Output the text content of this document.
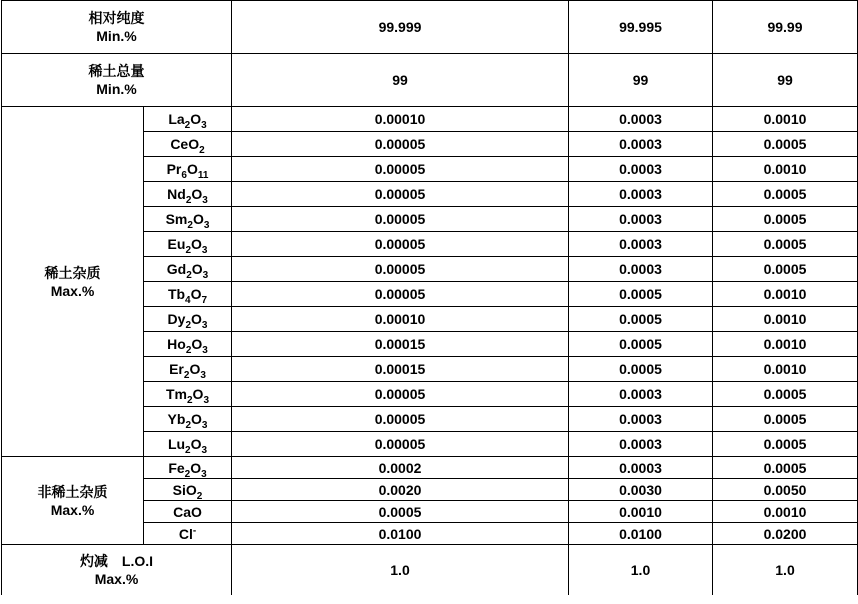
相对纯度
Min.%		99.999	99.995	99.99

稀土总量
Min.%		99	99	99

稀土杂质
Max.%	$La_2O_3$	0.00010	0.0003	0.0010
	CeO$_2$	0.00005	0.0003	0.0005
	$Pr_6O_{11}$	0.00005	0.0003	0.0010
	$Nd_2O_3$	0.00005	0.0003	0.0005
	$Sm_2O_3$	0.00005	0.0003	0.0005
	$Eu_2O_3$	0.00005	0.0003	0.0005
	$Gd_2O_3$	0.00005	0.0003	0.0005
	$Tb_4O_7$	0.00005	0.0005	0.0010
	$Dy_2O_3$	0.00010	0.0005	0.0010
	$Ho_2O_3$	0.00015	0.0005	0.0010
	$Er_2O_3$	0.00015	0.0005	0.0010
	$Tm_2O_3$	0.00005	0.0003	0.0005
	$Yb_2O_3$	0.00005	0.0003	0.0005
	$Lu_2O_3$	0.00005	0.0003	0.0005

非稀土杂质
Max.%	$Fe_2O_3$	0.0002	0.0003	0.0005
	SiO$_2$	0.0020	0.0030	0.0050
	CaO	0.0005	0.0010	0.0010
	Cl-	0.0100	0.0100	0.0200

灼减　L.O.I
Max.%		1.0	1.0	1.0
